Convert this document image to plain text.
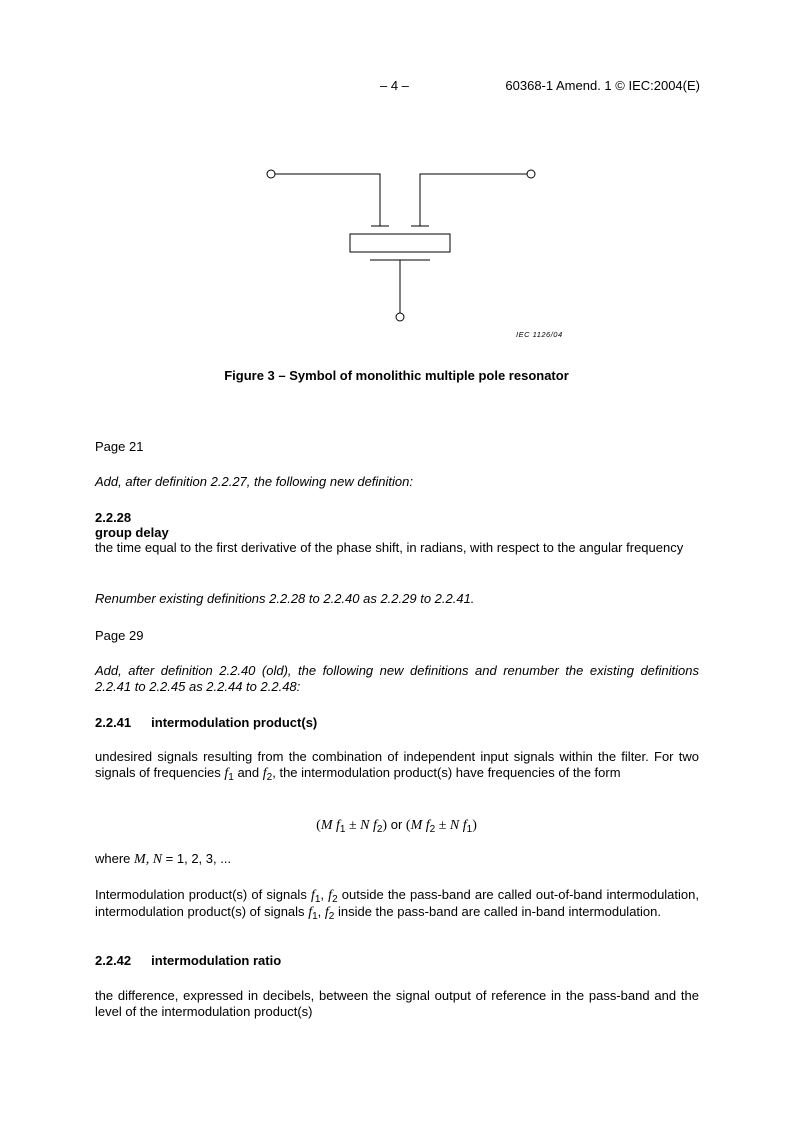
– 4 –	60368-1 Amend. 1 © IEC:2004(E)
IEC 1126/04
Figure 3 – Symbol of monolithic multiple pole resonator
Page 21
Add, after definition 2.2.27, the following new definition:
2.2.28
group delay
the time equal to the first derivative of the phase shift, in radians, with respect to the angular frequency
Renumber existing definitions 2.2.28 to 2.2.40 as 2.2.29 to 2.2.41.
Page 29
Add, after definition 2.2.40 (old), the following new definitions and renumber the existing definitions 2.2.41 to 2.2.45 as 2.2.44 to 2.2.48:
2.2.41 intermodulation product(s)
undesired signals resulting from the combination of independent input signals within the filter. For two signals of frequencies $f_1$ and $f_2$, the intermodulation product(s) have frequencies of the form
(M $f_1 \pm N$ $f_2$) or (M $f_2 \pm N$ $f_1$)
where M, N = 1, 2, 3, ...
Intermodulation product(s) of signals $f_1$, $f_2$ outside the pass-band are called out-of-band intermodulation, intermodulation product(s) of signals $f_1$, $f_2$ inside the pass-band are called in-band intermodulation.
2.2.42 intermodulation ratio
the difference, expressed in decibels, between the signal output of reference in the pass-band and the level of the intermodulation product(s)
